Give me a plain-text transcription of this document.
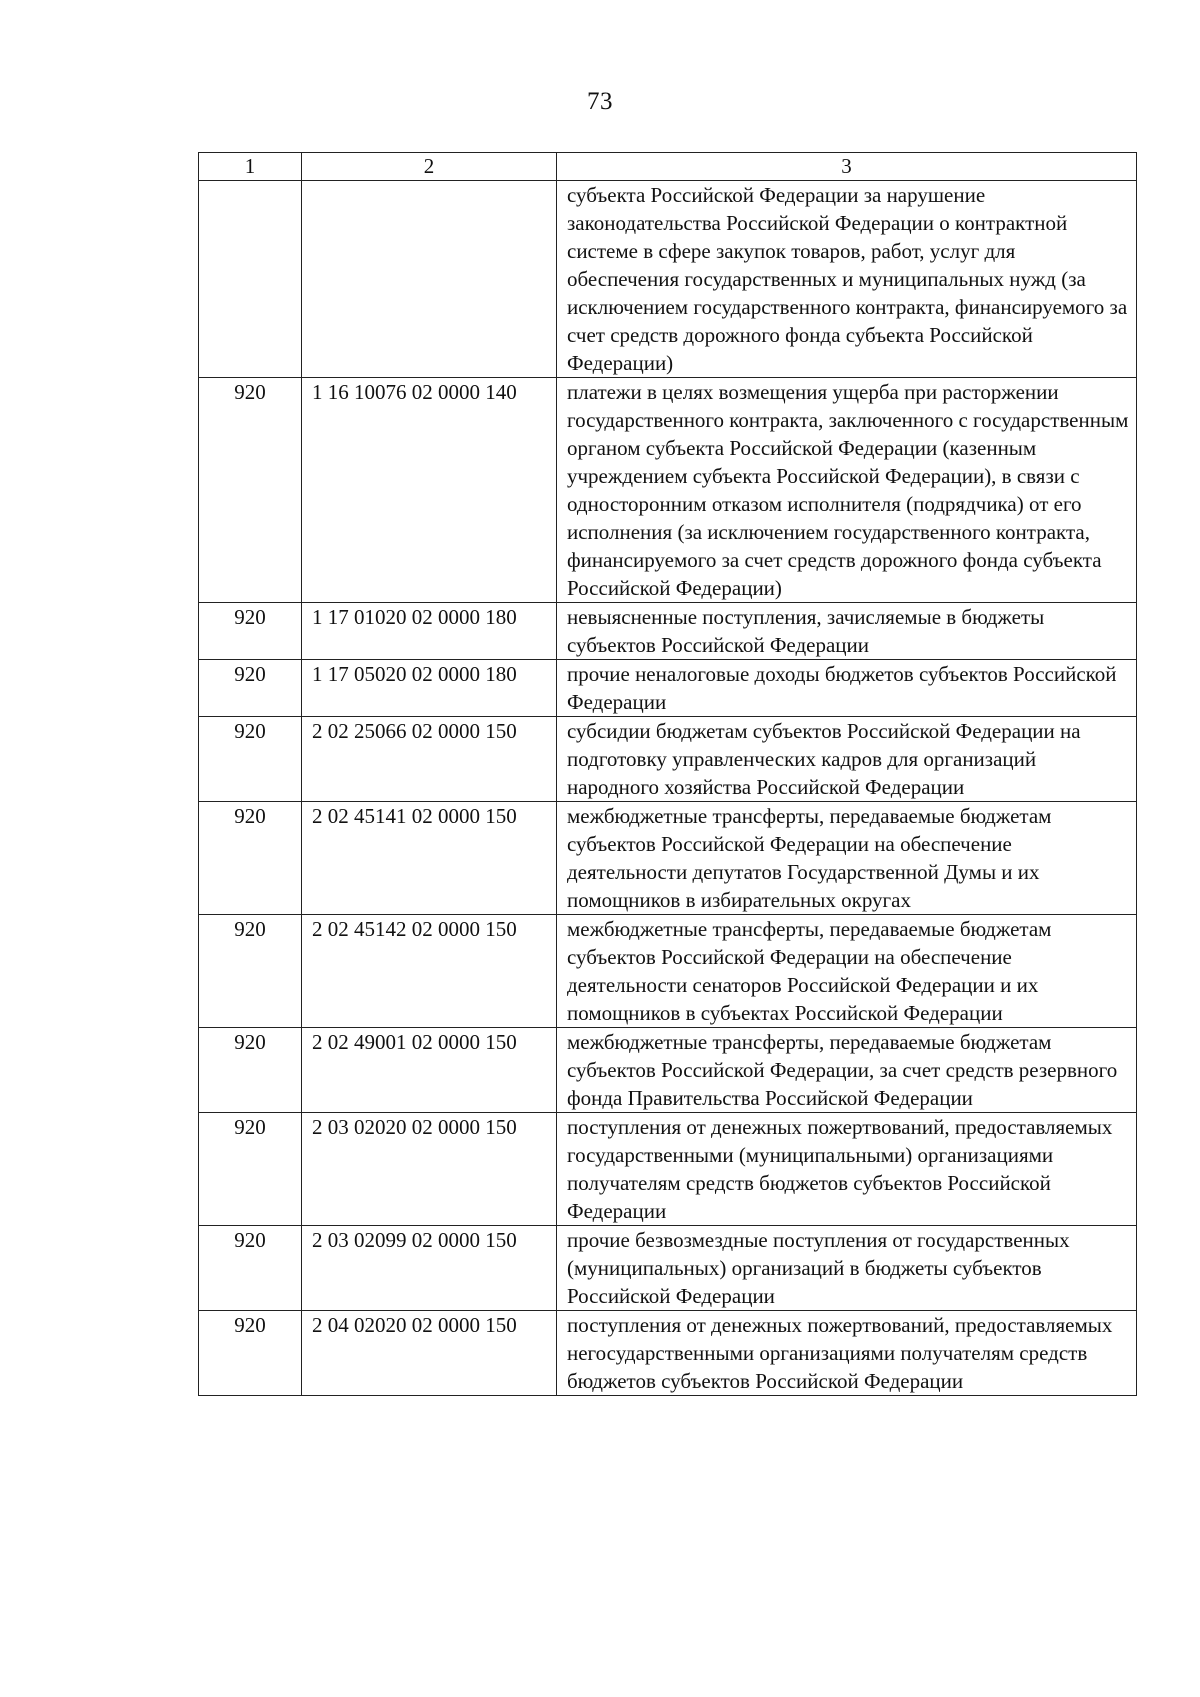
73
1	2	3
		субъекта Российской Федерации за нарушение законодательства Российской Федерации о контрактной системе в сфере закупок товаров, работ, услуг для обеспечения государственных и муниципальных нужд (за исключением государственного контракта, финансируемого за счет средств дорожного фонда субъекта Российской Федерации)
920	1 16 10076 02 0000 140	платежи в целях возмещения ущерба при расторжении государственного контракта, заключенного с государственным органом субъекта Российской Федерации (казенным учреждением субъекта Российской Федерации), в связи с односторонним отказом исполнителя (подрядчика) от его исполнения (за исключением государственного контракта, финансируемого за счет средств дорожного фонда субъекта Российской Федерации)
920	1 17 01020 02 0000 180	невыясненные поступления, зачисляемые в бюджеты субъектов Российской Федерации
920	1 17 05020 02 0000 180	прочие неналоговые доходы бюджетов субъектов Российской Федерации
920	2 02 25066 02 0000 150	субсидии бюджетам субъектов Российской Федерации на подготовку управленческих кадров для организаций народного хозяйства Российской Федерации
920	2 02 45141 02 0000 150	межбюджетные трансферты, передаваемые бюджетам субъектов Российской Федерации на обеспечение деятельности депутатов Государственной Думы и их помощников в избирательных округах
920	2 02 45142 02 0000 150	межбюджетные трансферты, передаваемые бюджетам субъектов Российской Федерации на обеспечение деятельности сенаторов Российской Федерации и их помощников в субъектах Российской Федерации
920	2 02 49001 02 0000 150	межбюджетные трансферты, передаваемые бюджетам субъектов Российской Федерации, за счет средств резервного фонда Правительства Российской Федерации
920	2 03 02020 02 0000 150	поступления от денежных пожертвований, предоставляемых государственными (муниципальными) организациями получателям средств бюджетов субъектов Российской Федерации
920	2 03 02099 02 0000 150	прочие безвозмездные поступления от государственных (муниципальных) организаций в бюджеты субъектов Российской Федерации
920	2 04 02020 02 0000 150	поступления от денежных пожертвований, предоставляемых негосударственными организациями получателям средств бюджетов субъектов Российской Федерации
